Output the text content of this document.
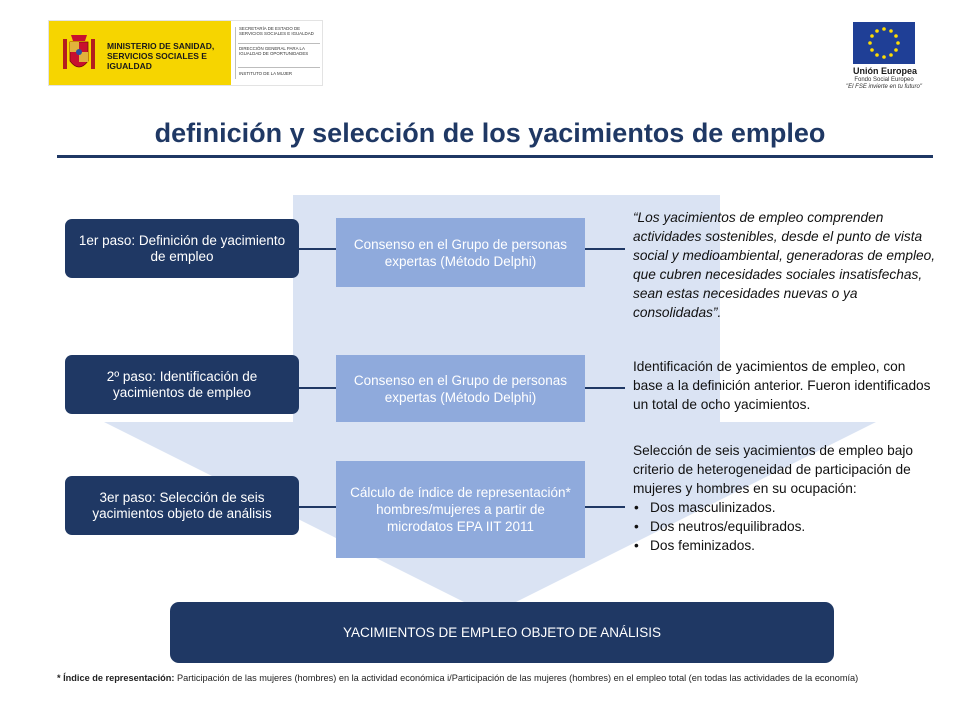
MINISTERIO DE SANIDAD, SERVICIOS SOCIALES E IGUALDAD
SECRETARÍA DE ESTADO DE SERVICIOS SOCIALES E IGUALDAD
DIRECCIÓN GENERAL PARA LA IGUALDAD DE OPORTUNIDADES
INSTITUTO DE LA MUJER	Unión Europea
Fondo Social Europeo
"El FSE invierte en tu futuro"
definición y selección de los yacimientos de empleo
1er paso: Definición de yacimiento de empleo
Consenso en el Grupo de personas expertas (Método Delphi)
“Los yacimientos de empleo comprenden actividades sostenibles, desde el punto de vista social y medioambiental, generadoras de empleo, que cubren necesidades sociales insatisfechas, sean estas necesidades nuevas o ya consolidadas”.
2º paso: Identificación de yacimientos de empleo
Consenso en el Grupo de personas expertas (Método Delphi)
Identificación de yacimientos de empleo, con base a la definición anterior. Fueron identificados un total de ocho yacimientos.
3er paso: Selección de seis yacimientos objeto de análisis
Cálculo de índice de representación* hombres/mujeres a partir de microdatos EPA IIT 2011
Selección de seis yacimientos de empleo bajo criterio de heterogeneidad de participación de mujeres y hombres en su ocupación:
• Dos masculinizados.
• Dos neutros/equilibrados.
• Dos feminizados.
YACIMIENTOS DE EMPLEO OBJETO DE ANÁLISIS
* Índice de representación: Participación de las mujeres (hombres) en la actividad económica i/Participación de las mujeres (hombres) en el empleo total (en todas las actividades de la economía)
